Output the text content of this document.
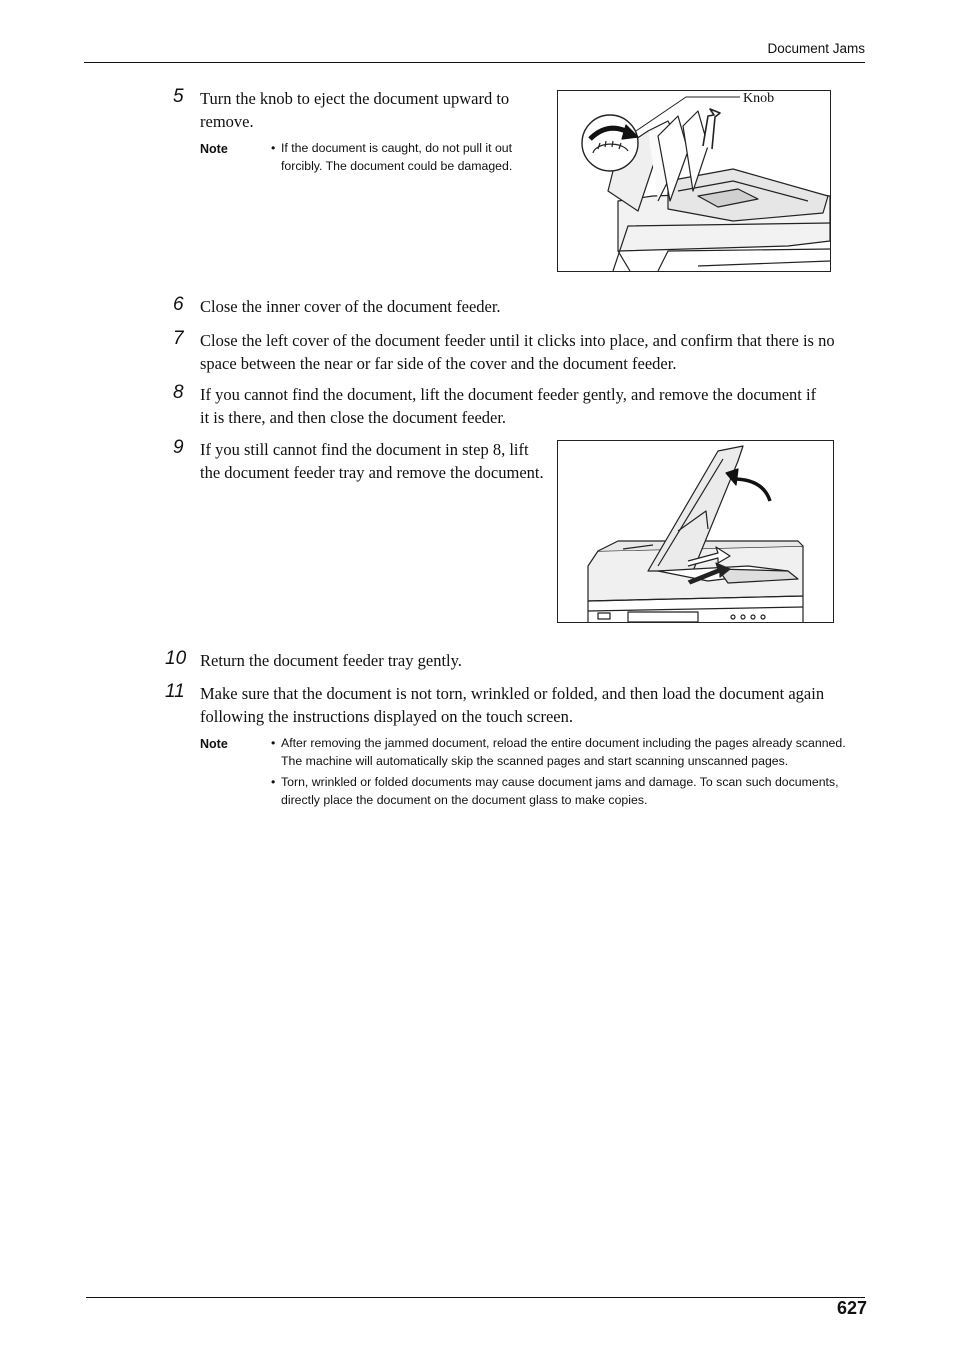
Document Jams
5 Turn the knob to eject the document upward to remove.
Note	• If the document is caught, do not pull it out forcibly. The document could be damaged.
Knob
6 Close the inner cover of the document feeder.
7 Close the left cover of the document feeder until it clicks into place, and confirm that there is no space between the near or far side of the cover and the document feeder.
8 If you cannot find the document, lift the document feeder gently, and remove the document if it is there, and then close the document feeder.
9 If you still cannot find the document in step 8, lift the document feeder tray and remove the document.
10 Return the document feeder tray gently.
11 Make sure that the document is not torn, wrinkled or folded, and then load the document again following the instructions displayed on the touch screen.
Note	• After removing the jammed document, reload the entire document including the pages already scanned. The machine will automatically skip the scanned pages and start scanning unscanned pages.
• Torn, wrinkled or folded documents may cause document jams and damage. To scan such documents, directly place the document on the document glass to make copies.
627
